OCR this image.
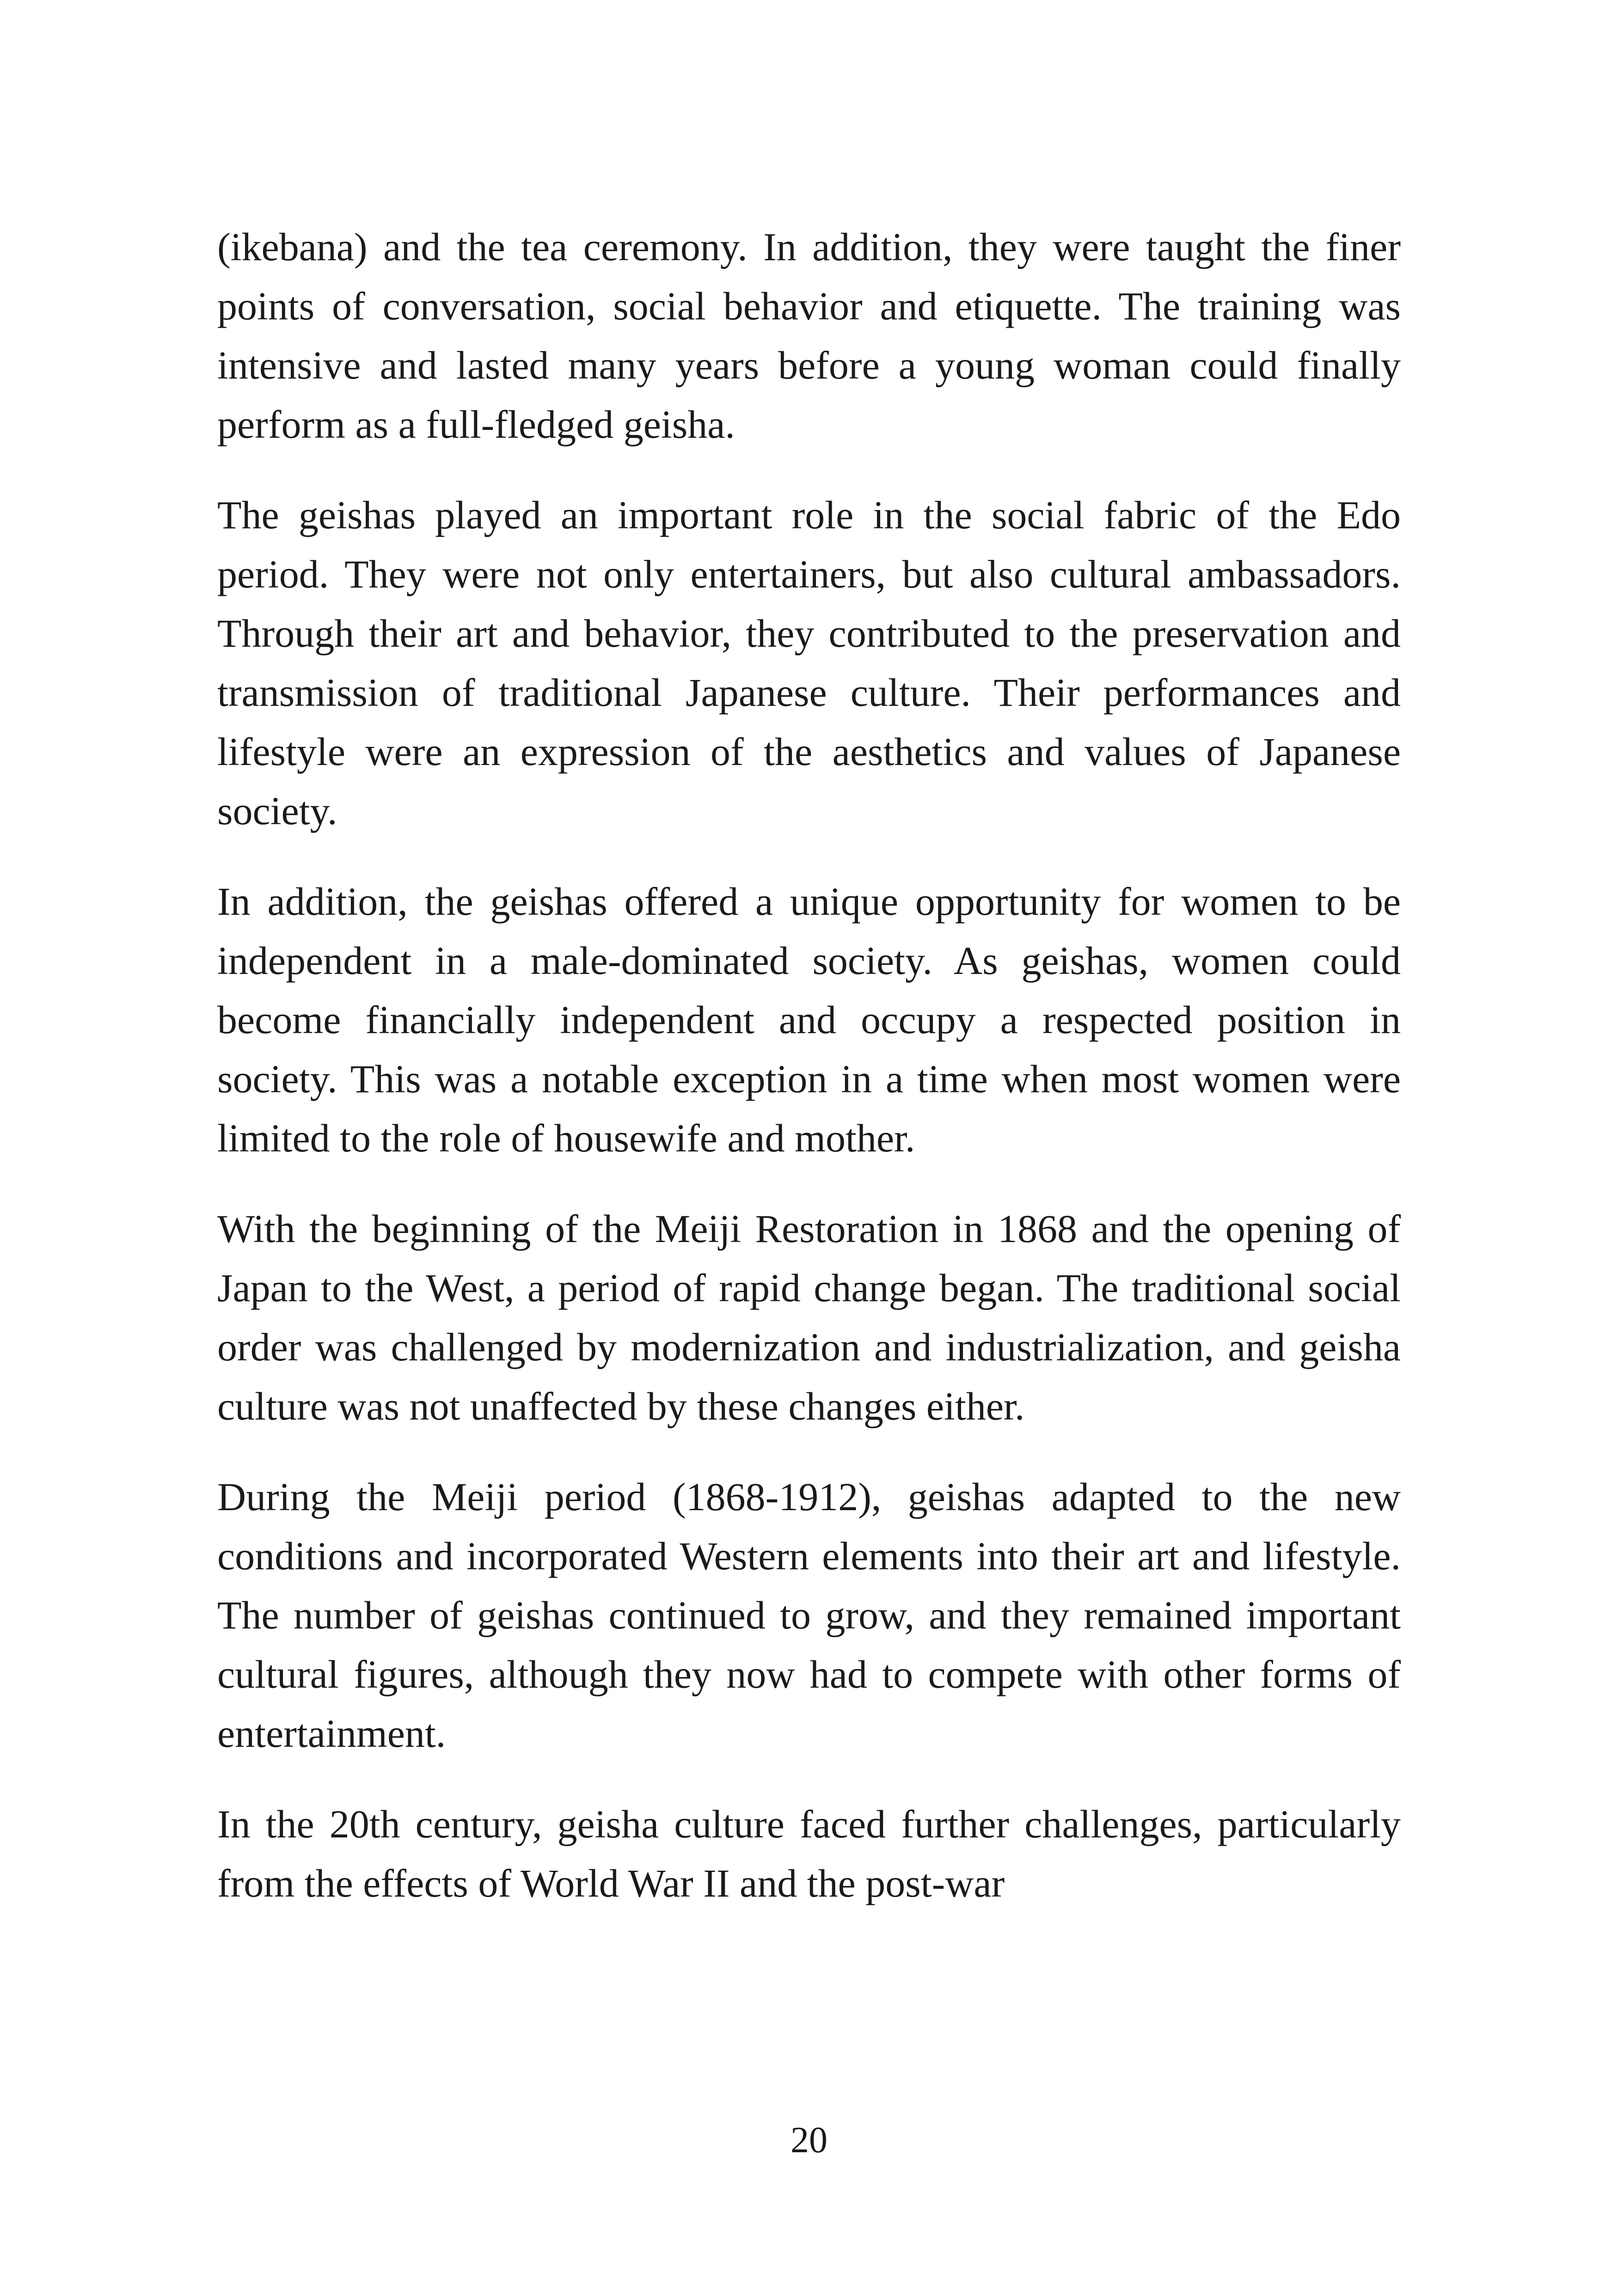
(ikebana) and the tea ceremony. In addition, they were taught the finer points of conversation, social behavior and etiquette. The training was intensive and lasted many years before a young woman could finally perform as a full-fledged geisha.

The geishas played an important role in the social fabric of the Edo period. They were not only entertainers, but also cultural ambassadors. Through their art and behavior, they contributed to the preservation and transmission of traditional Japanese culture. Their performances and lifestyle were an expression of the aesthetics and values of Japanese society.

In addition, the geishas offered a unique opportunity for women to be independent in a male-dominated society. As geishas, women could become financially independent and occupy a respected position in society. This was a notable exception in a time when most women were limited to the role of housewife and mother.

With the beginning of the Meiji Restoration in 1868 and the opening of Japan to the West, a period of rapid change began. The traditional social order was challenged by modernization and industrialization, and geisha culture was not unaffected by these changes either.

During the Meiji period (1868-1912), geishas adapted to the new conditions and incorporated Western elements into their art and lifestyle. The number of geishas continued to grow, and they remained important cultural figures, although they now had to compete with other forms of entertainment.

In the 20th century, geisha culture faced further challenges, particularly from the effects of World War II and the post-war

20
